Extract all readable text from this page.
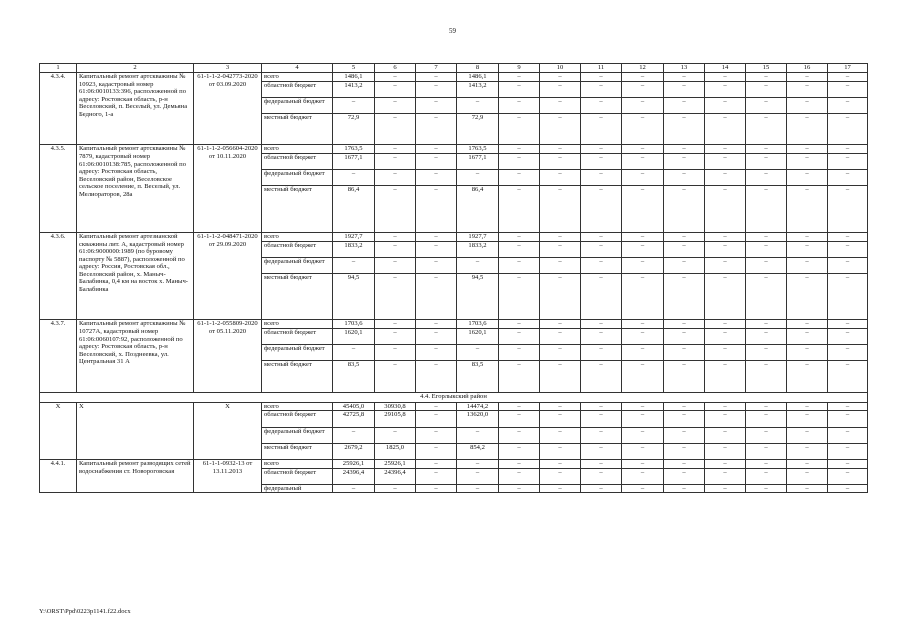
59
1	2	3	4	5	6	7	8	9	10	11	12	13	14	15	16	17
4.3.4.	Капитальный ремонт артскважины № 10923, кадастровый номер 61:06:0010133:396, расположенной по адресу: Ростовская область, р-н Веселовский, п. Веселый, ул. Демьяна Бедного, 1-а	61-1-1-2-042773-2020 от 03.09.2020	всего	1486,1	–	–	1486,1	–	–	–	–	–	–	–	–	–
			областной бюджет	1413,2	–	–	1413,2	–	–	–	–	–	–	–	–	–
			федеральный бюджет	–	–	–	–	–	–	–	–	–	–	–	–	–
			местный бюджет	72,9	–	–	72,9	–	–	–	–	–	–	–	–	–
4.3.5.	Капитальный ремонт артскважины № 7879, кадастровый номер 61:06:0010138:785, расположенной по адресу: Ростовская область, Веселовский район, Веселовское сельское поселение, п. Веселый, ул. Мелиораторов, 28а	61-1-1-2-056604-2020 от 10.11.2020	всего	1763,5	–	–	1763,5	–	–	–	–	–	–	–	–	–
			областной бюджет	1677,1	–	–	1677,1	–	–	–	–	–	–	–	–	–
			федеральный бюджет	–	–	–	–	–	–	–	–	–	–	–	–	–
			местный бюджет	86,4	–	–	86,4	–	–	–	–	–	–	–	–	–
4.3.6.	Капитальный ремонт артезианской скважины лит. А, кадастровый номер 61:06:9000000:1989 (по буровому паспорту № 5887), расположенной по адресу: Россия, Ростовская обл., Веселовский район, х. Маныч-Балабинка, 0,4 км на восток х. Маныч-Балабинка	61-1-1-2-048471-2020 от 29.09.2020	всего	1927,7	–	–	1927,7	–	–	–	–	–	–	–	–	–
			областной бюджет	1833,2	–	–	1833,2	–	–	–	–	–	–	–	–	–
			федеральный бюджет	–	–	–	–	–	–	–	–	–	–	–	–	–
			местный бюджет	94,5	–	–	94,5	–	–	–	–	–	–	–	–	–
4.3.7.	Капитальный ремонт артскважины № 10727А, кадастровый номер 61:06:0060107:92, расположенной по адресу: Ростовская область, р-н Веселовский, х. Позднеевка, ул. Центральная 31 А	61-1-1-2-055809-2020 от 05.11.2020	всего	1703,6	–	–	1703,6	–	–	–	–	–	–	–	–	–
			областной бюджет	1620,1	–	–	1620,1	–	–	–	–	–	–	–	–	–
			федеральный бюджет	–	–	–	–	–	–	–	–	–	–	–	–	–
			местный бюджет	83,5	–	–	83,5	–	–	–	–	–	–	–	–	–
4.4. Егорлыкский район																
Х	Х	Х	всего	45405,0	30930,8	–	14474,2	–	–	–	–	–	–	–	–	–
			областной бюджет	42725,8	29105,8	–	13620,0	–	–	–	–	–	–	–	–	–
			федеральный бюджет	–	–	–	–	–	–	–	–	–	–	–	–	–
			местный бюджет	2679,2	1825,0	–	854,2	–	–	–	–	–	–	–	–	–
4.4.1.	Капитальный ремонт разводящих сетей водоснабжения ст. Новороговская	61-1-1-0932-13 от 13.11.2013	всего	25926,1	25926,1	–	–	–	–	–	–	–	–	–	–	–
			областной бюджет	24396,4	24396,4	–	–	–	–	–	–	–	–	–	–	–
			федеральный	–	–	–	–	–	–	–	–	–	–	–	–	–
Y:\ORST\Ppd\0223p1141.f22.docx
